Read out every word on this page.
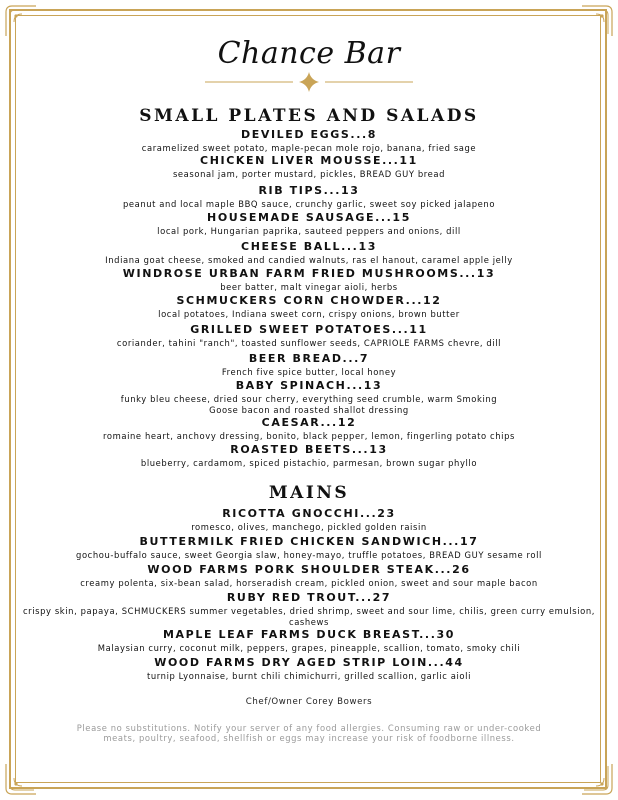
Chance Bar
SMALL PLATES AND SALADS
DEVILED EGGS...8
caramelized sweet potato, maple-pecan mole rojo, banana, fried sage
CHICKEN LIVER MOUSSE...11
seasonal jam, porter mustard, pickles, BREAD GUY bread
RIB TIPS...13
peanut and local maple BBQ sauce, crunchy garlic, sweet soy picked jalapeno
HOUSEMADE SAUSAGE...15
local pork, Hungarian paprika, sauteed peppers and onions, dill
CHEESE BALL...13
Indiana goat cheese, smoked and candied walnuts, ras el hanout, caramel apple jelly
WINDROSE URBAN FARM FRIED MUSHROOMS...13
beer batter, malt vinegar aioli, herbs
SCHMUCKERS CORN CHOWDER...12
local potatoes, Indiana sweet corn, crispy onions, brown butter
GRILLED SWEET POTATOES...11
coriander, tahini "ranch", toasted sunflower seeds, CAPRIOLE FARMS chevre, dill
BEER BREAD...7
French five spice butter, local honey
BABY SPINACH...13
funky bleu cheese, dried sour cherry, everything seed crumble, warm Smoking Goose bacon and roasted shallot dressing
CAESAR...12
romaine heart, anchovy dressing, bonito, black pepper, lemon, fingerling potato chips
ROASTED BEETS...13
blueberry, cardamom, spiced pistachio, parmesan, brown sugar phyllo
MAINS
RICOTTA GNOCCHI...23
romesco, olives, manchego, pickled golden raisin
BUTTERMILK FRIED CHICKEN SANDWICH...17
gochou-buffalo sauce, sweet Georgia slaw, honey-mayo, truffle potatoes, BREAD GUY sesame roll
WOOD FARMS PORK SHOULDER STEAK...26
creamy polenta, six-bean salad, horseradish cream, pickled onion, sweet and sour maple bacon
RUBY RED TROUT...27
crispy skin, papaya, SCHMUCKERS summer vegetables, dried shrimp, sweet and sour lime, chilis, green curry emulsion, cashews
MAPLE LEAF FARMS DUCK BREAST...30
Malaysian curry, coconut milk, peppers, grapes, pineapple, scallion, tomato, smoky chili
WOOD FARMS DRY AGED STRIP LOIN...44
turnip Lyonnaise, burnt chili chimichurri, grilled scallion, garlic aioli
Chef/Owner Corey Bowers
Please no substitutions. Notify your server of any food allergies. Consuming raw or under-cooked meats, poultry, seafood, shellfish or eggs may increase your risk of foodborne illness.
